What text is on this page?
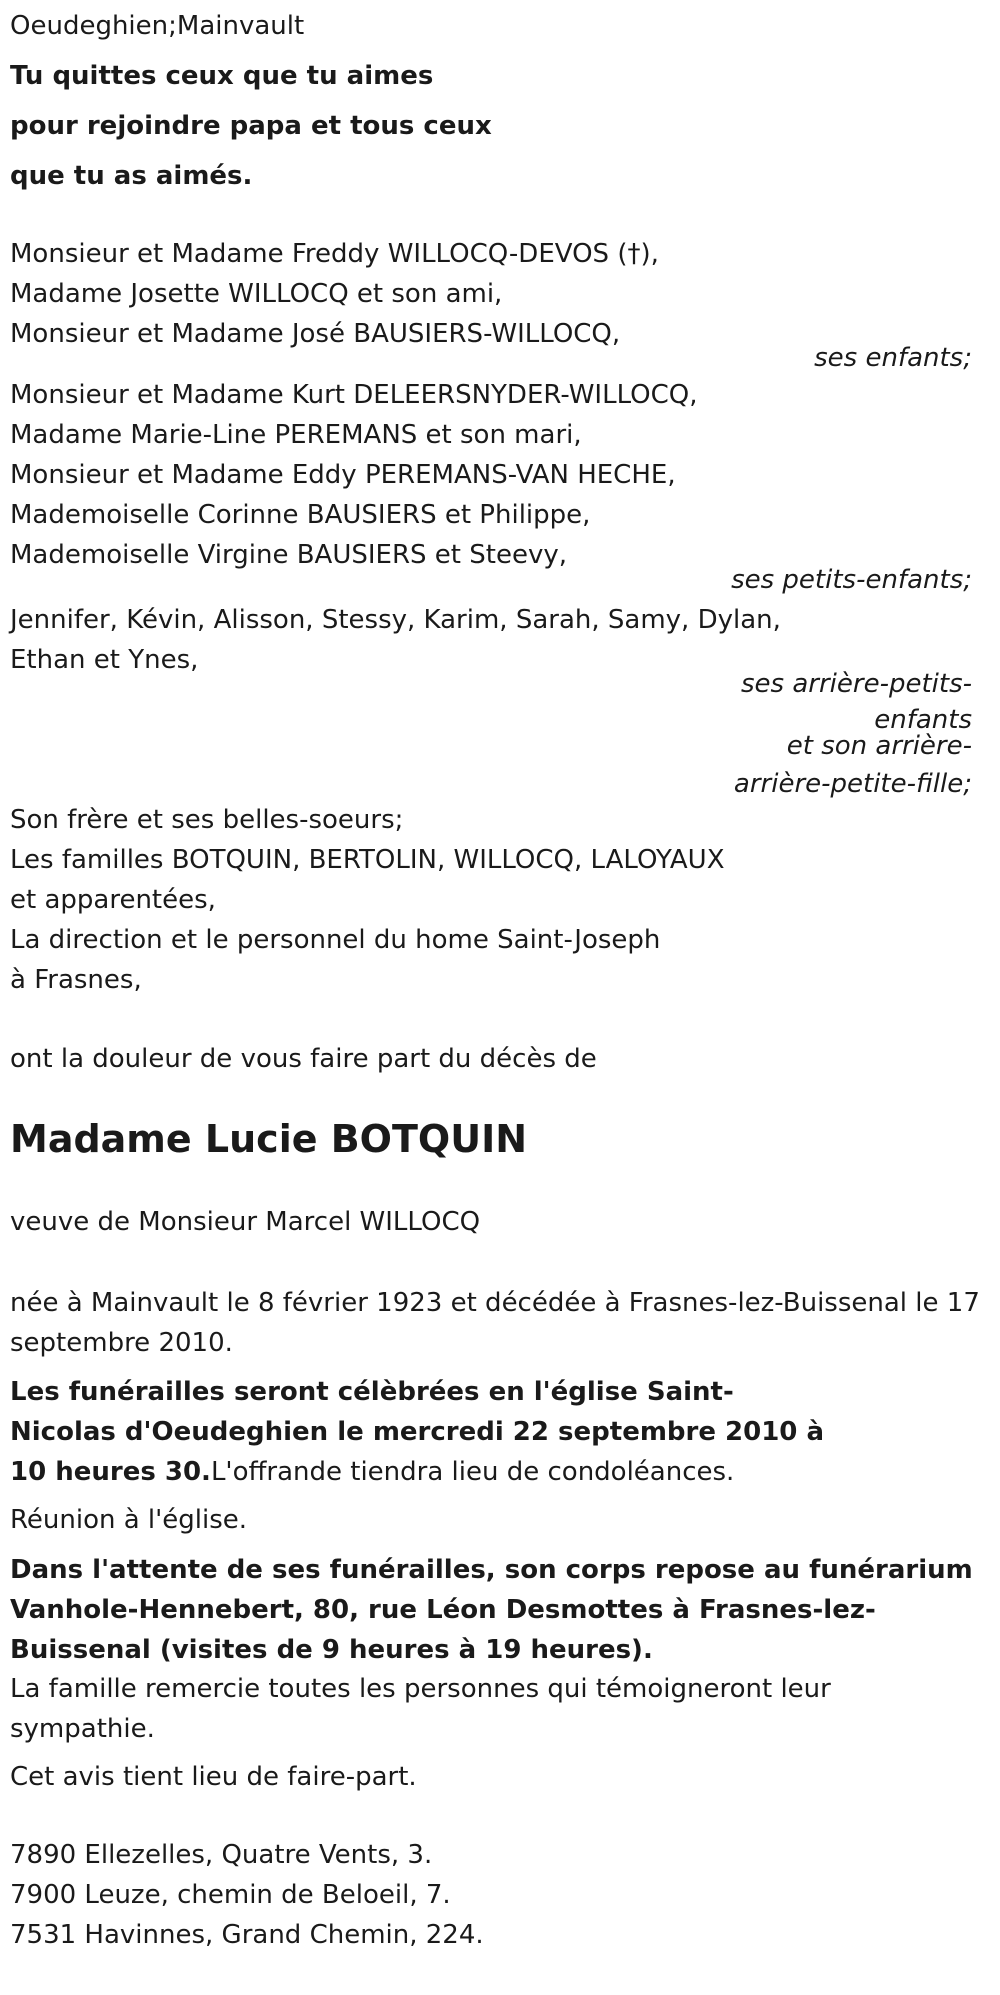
Oeudeghien;Mainvault
Tu quittes ceux que tu aimes
pour rejoindre papa et tous ceux
que tu as aimés.
Monsieur et Madame Freddy WILLOCQ-DEVOS (†),
Madame Josette WILLOCQ et son ami,
Monsieur et Madame José BAUSIERS-WILLOCQ,
ses enfants;
Monsieur et Madame Kurt DELEERSNYDER-WILLOCQ,
Madame Marie-Line PEREMANS et son mari,
Monsieur et Madame Eddy PEREMANS-VAN HECHE,
Mademoiselle Corinne BAUSIERS et Philippe,
Mademoiselle Virgine BAUSIERS et Steevy,
ses petits-enfants;
Jennifer, Kévin, Alisson, Stessy, Karim, Sarah, Samy, Dylan,
Ethan et Ynes,
ses arrière-petits-
enfants
et son arrière-
arrière-petite-fille;
Son frère et ses belles-soeurs;
Les familles BOTQUIN, BERTOLIN, WILLOCQ, LALOYAUX
et apparentées,
La direction et le personnel du home Saint-Joseph
à Frasnes,
ont la douleur de vous faire part du décès de
Madame Lucie BOTQUIN
veuve de Monsieur Marcel WILLOCQ
née à Mainvault le 8 février 1923 et décédée à Frasnes-lez-Buissenal le 17 septembre 2010.
Les funérailles seront célèbrées en l'église Saint-Nicolas d'Oeudeghien le mercredi 22 septembre 2010 à 10 heures 30.L'offrande tiendra lieu de condoléances.
Réunion à l'église.
Dans l'attente de ses funérailles, son corps repose au funérarium Vanhole-Hennebert, 80, rue Léon Desmottes à Frasnes-lez-Buissenal (visites de 9 heures à 19 heures).
La famille remercie toutes les personnes qui témoigneront leur sympathie.
Cet avis tient lieu de faire-part.
7890 Ellezelles, Quatre Vents, 3.
7900 Leuze, chemin de Beloeil, 7.
7531 Havinnes, Grand Chemin, 224.
